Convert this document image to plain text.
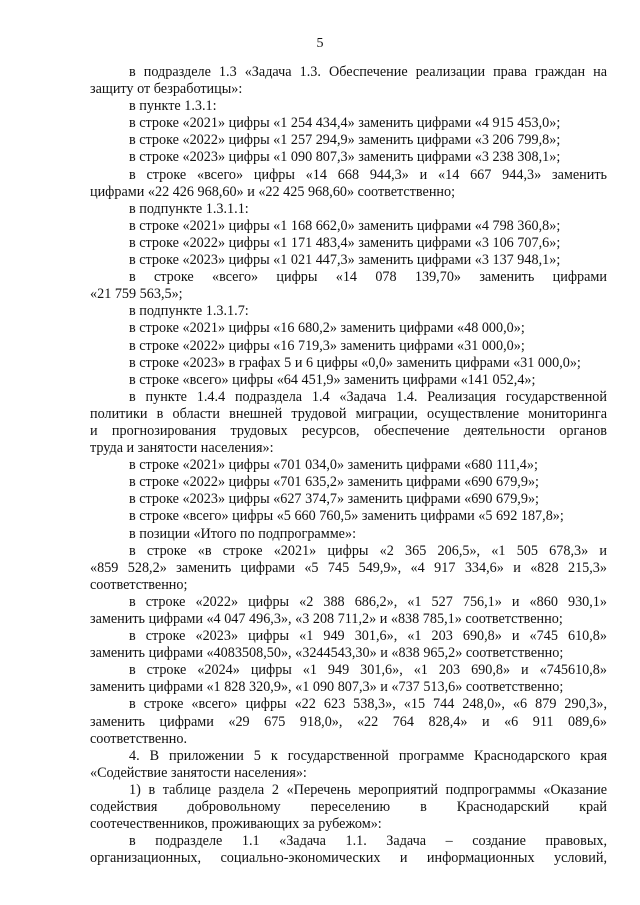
5
в подразделе 1.3 «Задача 1.3. Обеспечение реализации права граждан на
защиту от безработицы»:
в пункте 1.3.1:
в строке «2021» цифры «1 254 434,4» заменить цифрами «4 915 453,0»;
в строке «2022» цифры «1 257 294,9» заменить цифрами «3 206 799,8»;
в строке «2023» цифры «1 090 807,3» заменить цифрами «3 238 308,1»;
в строке «всего» цифры «14 668 944,3» и «14 667 944,3» заменить
цифрами «22 426 968,60» и «22 425 968,60» соответственно;
в подпункте 1.3.1.1:
в строке «2021» цифры «1 168 662,0» заменить цифрами «4 798 360,8»;
в строке «2022» цифры «1 171 483,4» заменить цифрами «3 106 707,6»;
в строке «2023» цифры «1 021 447,3» заменить цифрами «3 137 948,1»;
в строке «всего» цифры «14 078 139,70» заменить цифрами
«21 759 563,5»;
в подпункте 1.3.1.7:
в строке «2021» цифры «16 680,2» заменить цифрами «48 000,0»;
в строке «2022» цифры «16 719,3» заменить цифрами «31 000,0»;
в строке «2023» в графах 5 и 6 цифры «0,0» заменить цифрами «31 000,0»;
в строке «всего» цифры «64 451,9» заменить цифрами «141 052,4»;
в пункте 1.4.4 подраздела 1.4 «Задача 1.4. Реализация государственной
политики в области внешней трудовой миграции, осуществление мониторинга
и прогнозирования трудовых ресурсов, обеспечение деятельности органов
труда и занятости населения»:
в строке «2021» цифры «701 034,0» заменить цифрами «680 111,4»;
в строке «2022» цифры «701 635,2» заменить цифрами «690 679,9»;
в строке «2023» цифры «627 374,7» заменить цифрами «690 679,9»;
в строке «всего» цифры «5 660 760,5» заменить цифрами «5 692 187,8»;
в позиции «Итого по подпрограмме»:
в строке «в строке «2021» цифры «2 365 206,5», «1 505 678,3» и
«859 528,2» заменить цифрами «5 745 549,9», «4 917 334,6» и «828 215,3»
соответственно;
в строке «2022» цифры «2 388 686,2», «1 527 756,1» и «860 930,1»
заменить цифрами «4 047 496,3», «3 208 711,2» и «838 785,1» соответственно;
в строке «2023» цифры «1 949 301,6», «1 203 690,8» и «745 610,8»
заменить цифрами «4083508,50», «3244543,30» и «838 965,2» соответственно;
в строке «2024» цифры «1 949 301,6», «1 203 690,8» и «745610,8»
заменить цифрами «1 828 320,9», «1 090 807,3» и «737 513,6» соответственно;
в строке «всего» цифры «22 623 538,3», «15 744 248,0», «6 879 290,3»,
заменить цифрами «29 675 918,0», «22 764 828,4» и «6 911 089,6»
соответственно.
4. В приложении 5 к государственной программе Краснодарского края
«Содействие занятости населения»:
1) в таблице раздела 2 «Перечень мероприятий подпрограммы «Оказание
содействия добровольному переселению в Краснодарский край
соотечественников, проживающих за рубежом»:
в подразделе 1.1 «Задача 1.1. Задача – создание правовых,
организационных, социально-экономических и информационных условий,
